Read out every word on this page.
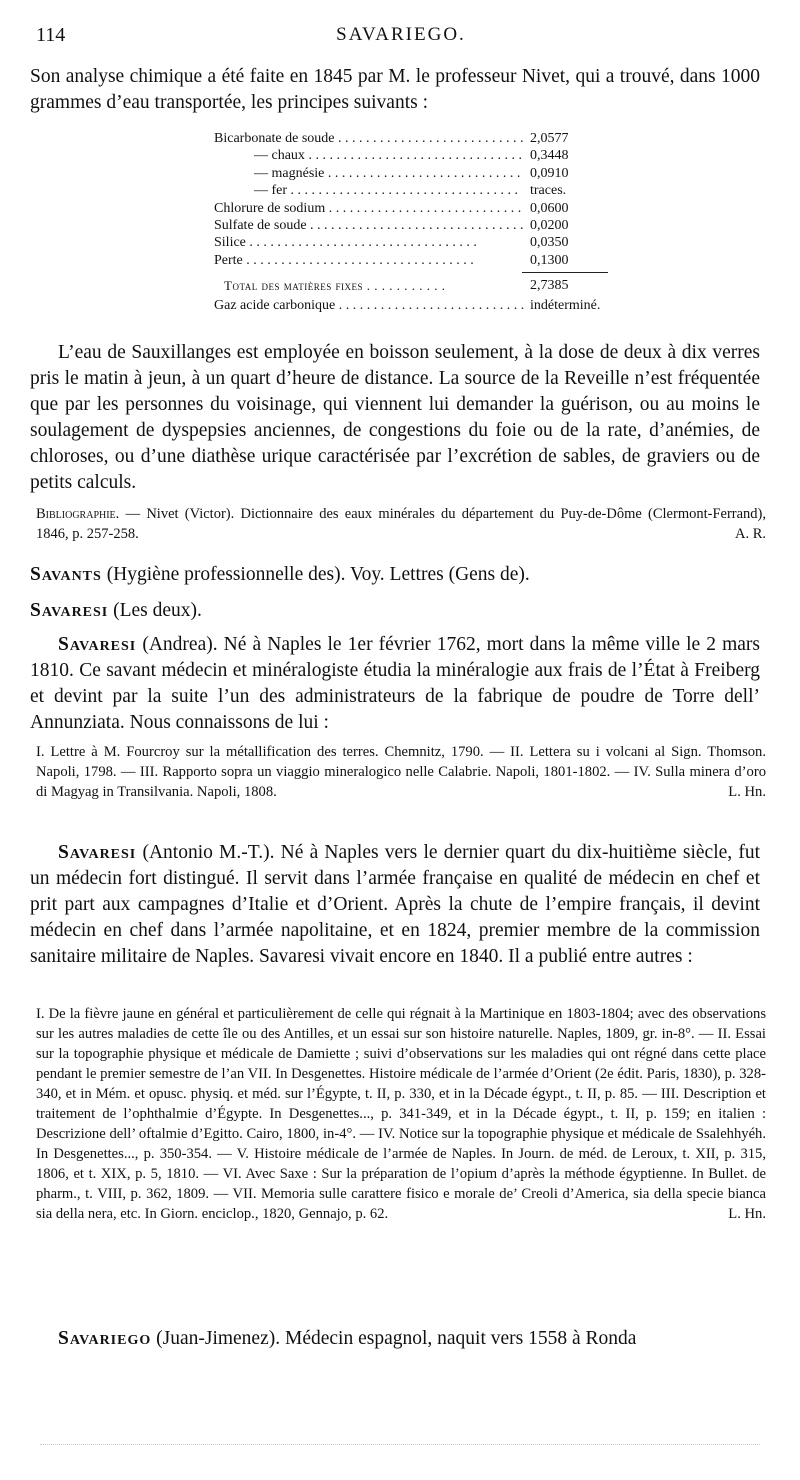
114	SAVARIEGO.

Son analyse chimique a été faite en 1845 par M. le professeur Nivet, qui a trouvé, dans 1000 grammes d’eau transportée, les principes suivants :

Bicarbonate de soude . . .	2,0577
— chaux . . .	0,3448
— magnésie . . .	0,0910
— fer . . .	traces.
Chlorure de sodium . . .	0,0600
Sulfate de soude . . .	0,0200
Silice . . .	0,0350
Perte . . .	0,1300
Total des matières fixes . . .	2,7385
Gaz acide carbonique . . .	indéterminé.

L’eau de Sauxillanges est employée en boisson seulement, à la dose de deux à dix verres pris le matin à jeun, à un quart d’heure de distance. La source de la Reveille n’est fréquentée que par les personnes du voisinage, qui viennent lui demander la guérison, ou au moins le soulagement de dyspepsies anciennes, de congestions du foie ou de la rate, d’anémies, de chloroses, ou d’une diathèse urique caractérisée par l’excrétion de sables, de graviers ou de petits calculs.

Bibliographie. — Nivet (Victor). Dictionnaire des eaux minérales du département du Puy-de-Dôme (Clermont-Ferrand), 1846, p. 257-258.	A. R.

Savants (Hygiène professionnelle des). Voy. Lettres (Gens de).

Savaresi (Les deux).

Savaresi (Andrea). Né à Naples le 1er février 1762, mort dans la même ville le 2 mars 1810. Ce savant médecin et minéralogiste étudia la minéralogie aux frais de l’État à Freiberg et devint par la suite l’un des administrateurs de la fabrique de poudre de Torre dell’ Annunziata. Nous connaissons de lui :

I. Lettre à M. Fourcroy sur la métallification des terres. Chemnitz, 1790. — II. Lettera su i volcani al Sign. Thomson. Napoli, 1798. — III. Rapporto sopra un viaggio mineralogico nelle Calabrie. Napoli, 1801-1802. — IV. Sulla minera d’oro di Magyag in Transilvania. Napoli, 1808.	L. Hn.

Savaresi (Antonio M.-T.). Né à Naples vers le dernier quart du dix-huitième siècle, fut un médecin fort distingué. Il servit dans l’armée française en qualité de médecin en chef et prit part aux campagnes d’Italie et d’Orient. Après la chute de l’empire français, il devint médecin en chef dans l’armée napolitaine, et en 1824, premier membre de la commission sanitaire militaire de Naples. Savaresi vivait encore en 1840. Il a publié entre autres :

I. De la fièvre jaune en général et particulièrement de celle qui régnait à la Martinique en 1803-1804; avec des observations sur les autres maladies de cette île ou des Antilles, et un essai sur son histoire naturelle. Naples, 1809, gr. in-8°. — II. Essai sur la topographie physique et médicale de Damiette ; suivi d’observations sur les maladies qui ont régné dans cette place pendant le premier semestre de l’an VII. In Desgenettes. Histoire médicale de l’armée d’Orient (2e édit. Paris, 1830), p. 328-340, et in Mém. et opusc. physiq. et méd. sur l’Égypte, t. II, p. 330, et in la Décade égypt., t. II, p. 85. — III. Description et traitement de l’ophthalmie d’Égypte. In Desgenettes..., p. 341-349, et in la Décade égypt., t. II, p. 159; en italien : Descrizione dell’ oftalmie d’Egitto. Cairo, 1800, in-4°. — IV. Notice sur la topographie physique et médicale de Ssalehhyéh. In Desgenettes..., p. 350-354. — V. Histoire médicale de l’armée de Naples. In Journ. de méd. de Leroux, t. XII, p. 315, 1806, et t. XIX, p. 5, 1810. — VI. Avec Saxe : Sur la préparation de l’opium d’après la méthode égyptienne. In Bullet. de pharm., t. VIII, p. 362, 1809. — VII. Memoria sulle carattere fisico e morale de’ Creoli d’America, sia della specie bianca sia della nera, etc. In Giorn. enciclop., 1820, Gennajo, p. 62.	L. Hn.

Savariego (Juan-Jimenez). Médecin espagnol, naquit vers 1558 à Ronda
